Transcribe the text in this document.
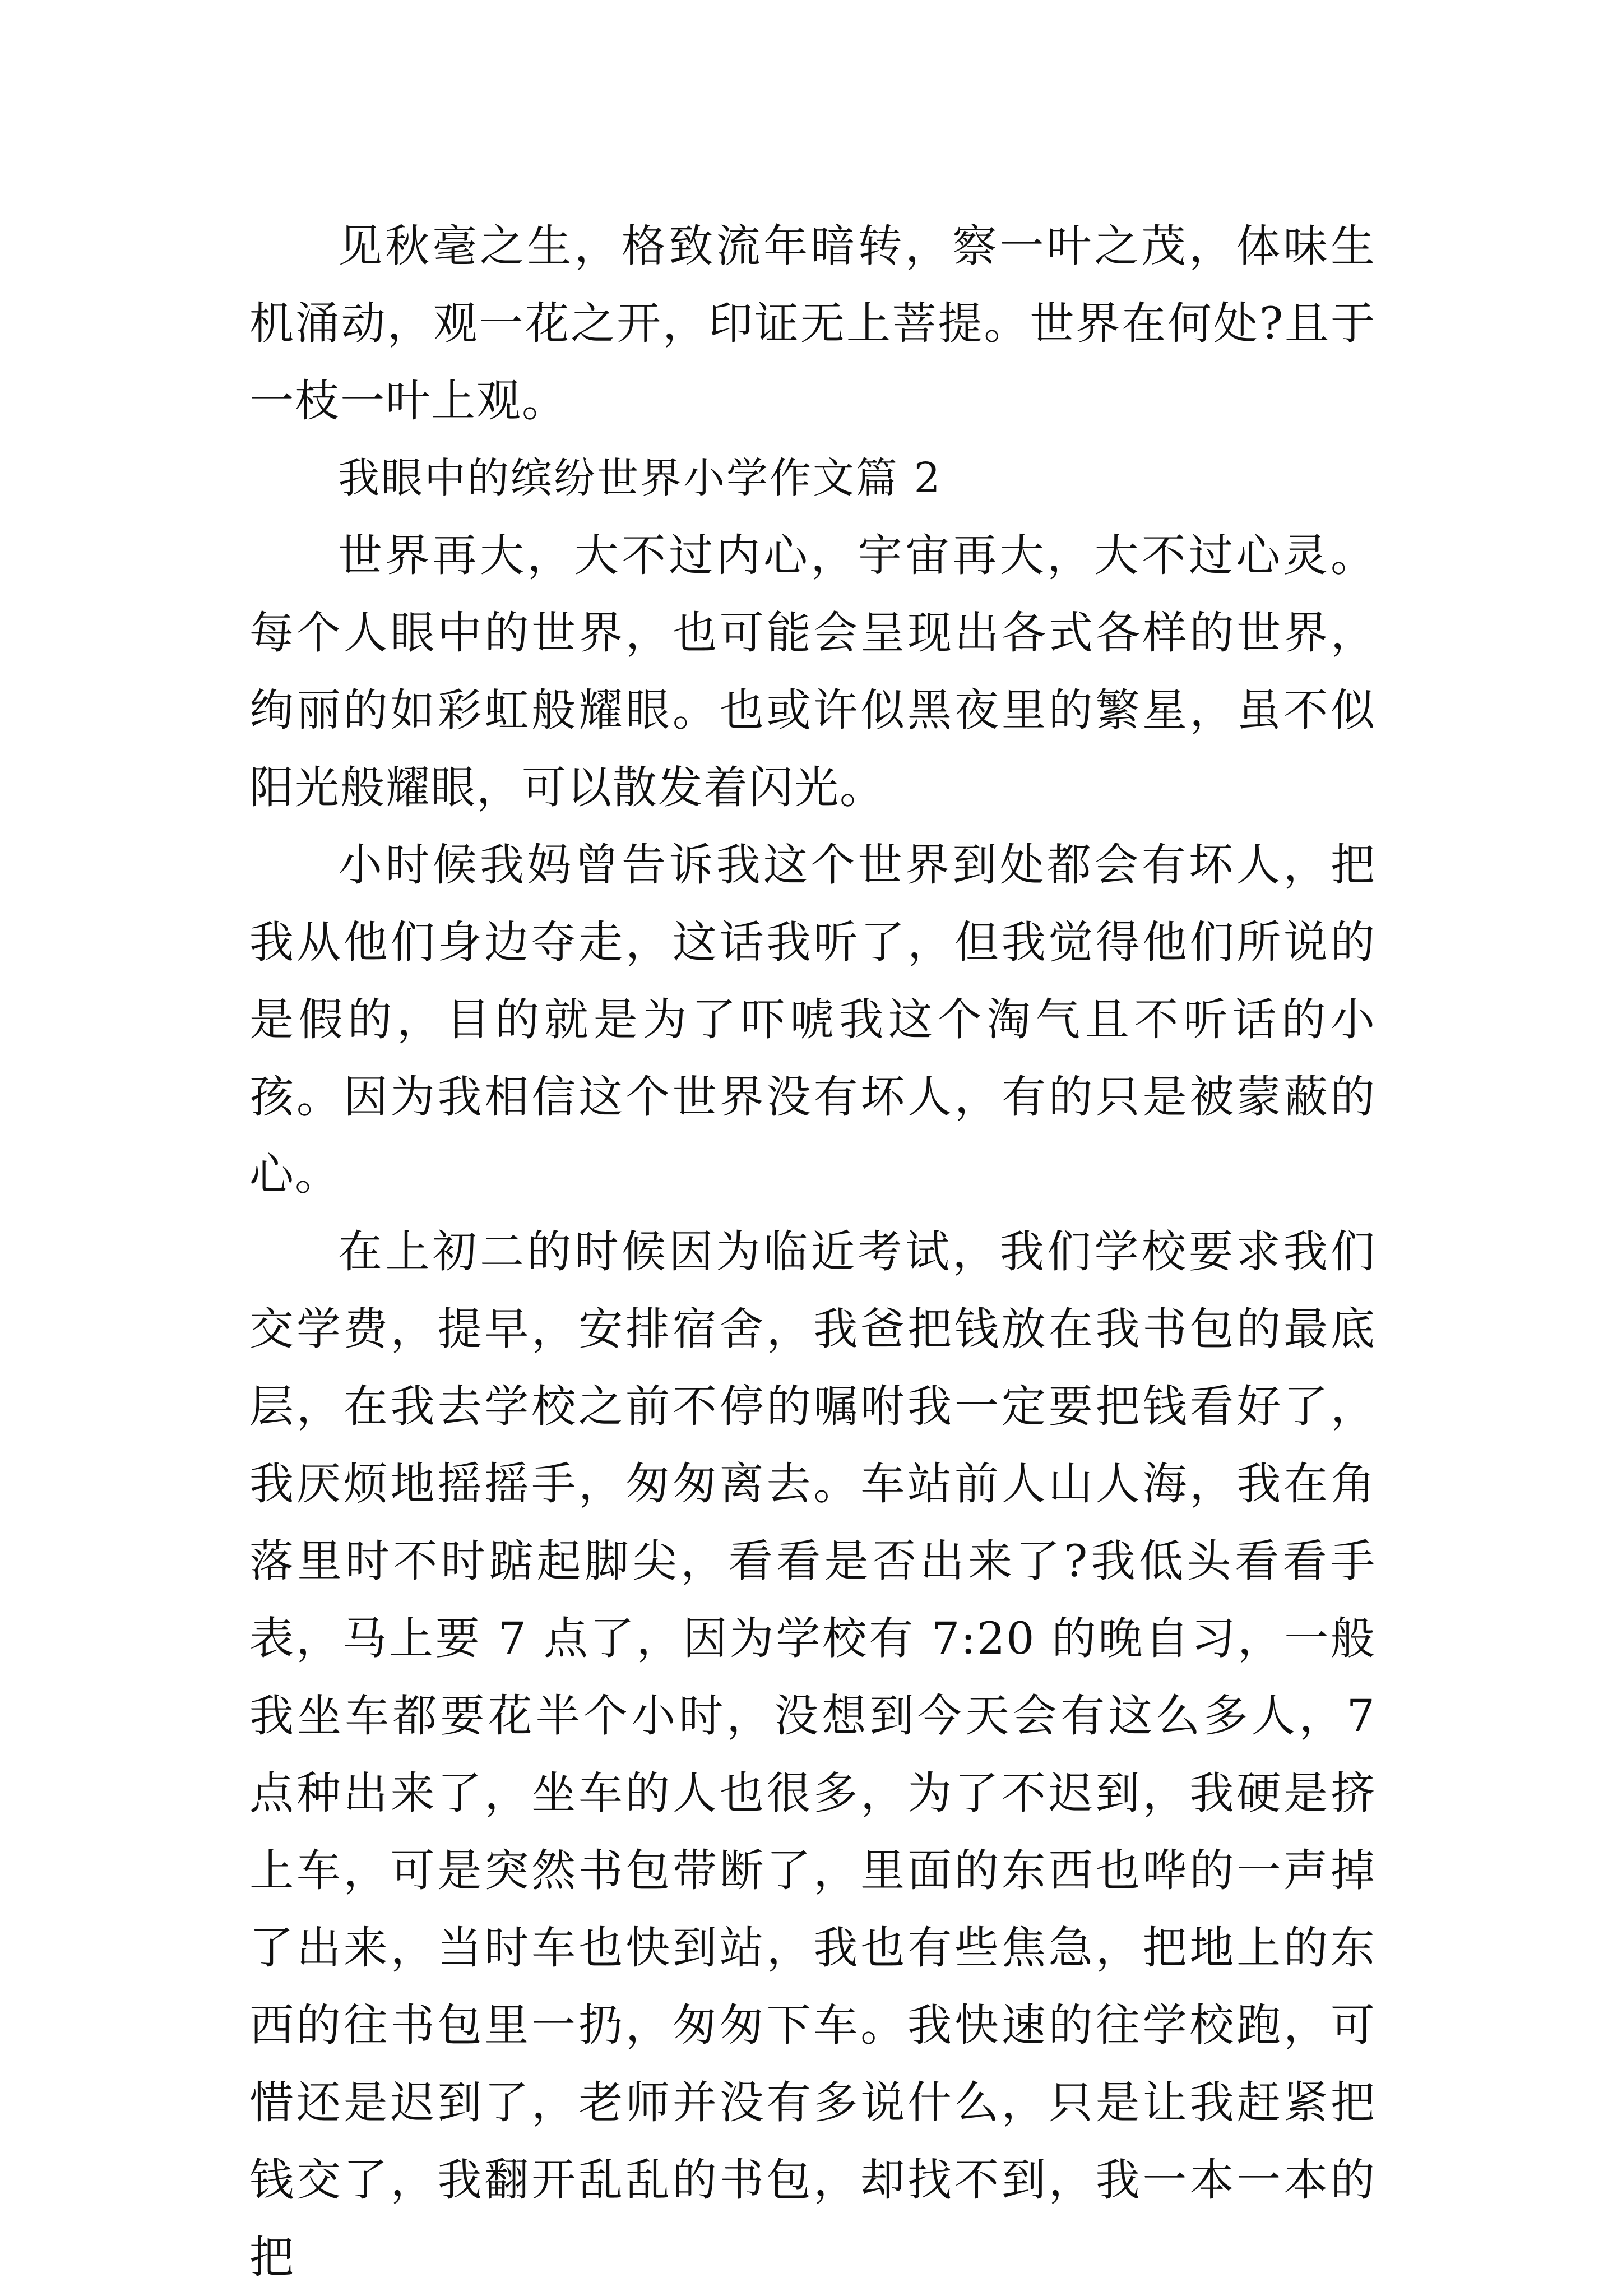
见秋毫之生，格致流年暗转，察一叶之茂，体味生机涌动，观一花之开，印证无上菩提。世界在何处?且于一枝一叶上观。

我眼中的缤纷世界小学作文篇 2

世界再大，大不过内心，宇宙再大，大不过心灵。每个人眼中的世界，也可能会呈现出各式各样的世界，绚丽的如彩虹般耀眼。也或许似黑夜里的繁星，虽不似阳光般耀眼，可以散发着闪光。

小时候我妈曾告诉我这个世界到处都会有坏人，把我从他们身边夺走，这话我听了，但我觉得他们所说的是假的，目的就是为了吓唬我这个淘气且不听话的小孩。因为我相信这个世界没有坏人，有的只是被蒙蔽的心。

在上初二的时候因为临近考试，我们学校要求我们交学费，提早，安排宿舍，我爸把钱放在我书包的最底层，在我去学校之前不停的嘱咐我一定要把钱看好了，我厌烦地摇摇手，匆匆离去。车站前人山人海，我在角落里时不时踮起脚尖，看看是否出来了?我低头看看手表，马上要 7 点了，因为学校有 7:20 的晚自习，一般我坐车都要花半个小时，没想到今天会有这么多人，7 点种出来了，坐车的人也很多，为了不迟到，我硬是挤上车，可是突然书包带断了，里面的东西也哗的一声掉了出来，当时车也快到站，我也有些焦急，把地上的东西的往书包里一扔，匆匆下车。我快速的往学校跑，可惜还是迟到了，老师并没有多说什么，只是让我赶紧把钱交了，我翻开乱乱的书包，却找不到，我一本一本的把
